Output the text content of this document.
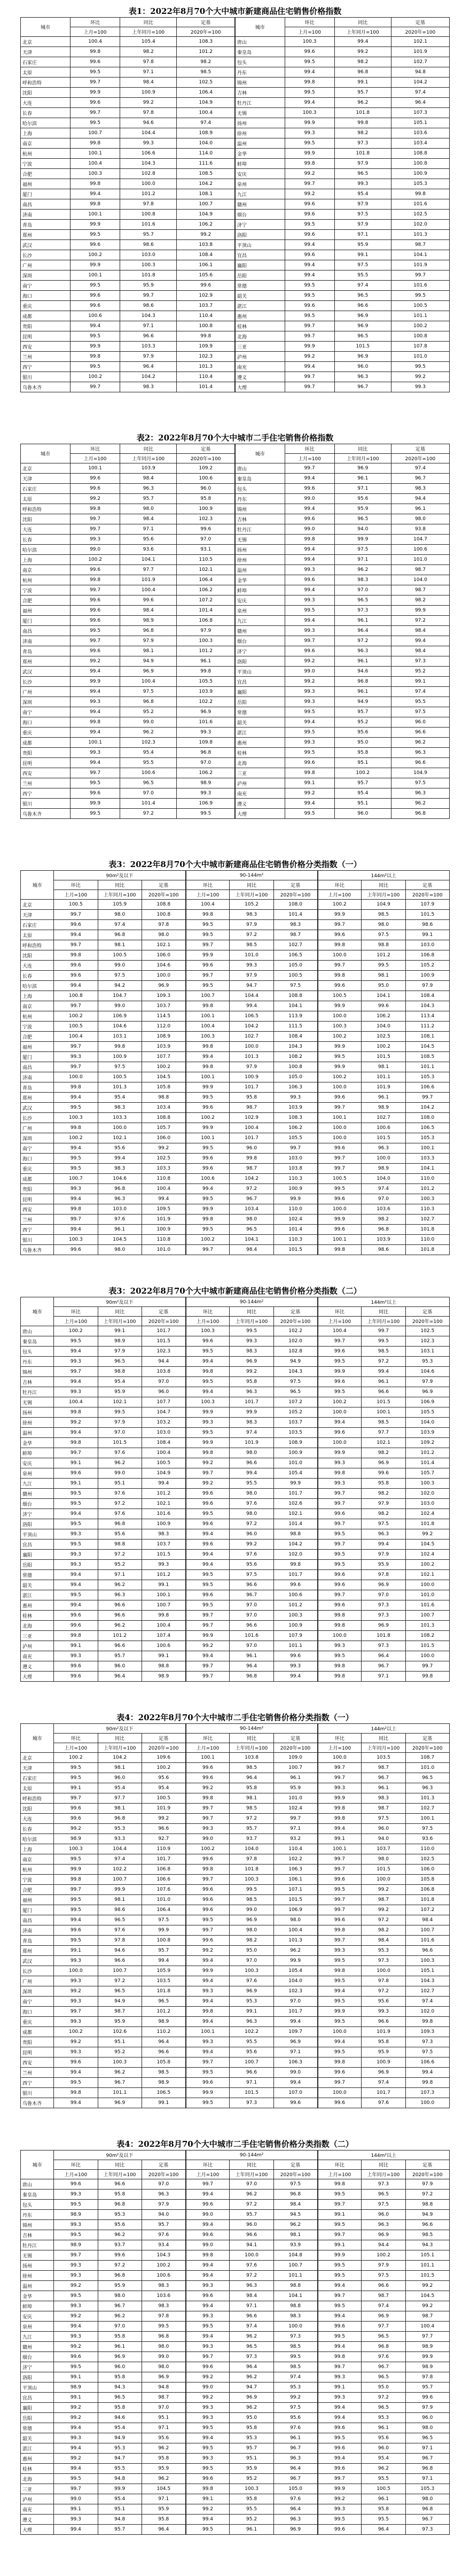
表1：2022年8月70个大中城市新建商品住宅销售价格指数
城市	环比	同比	定基	城市	环比	同比	定基
	上月=100	上年同月=100	2020年=100		上月=100	上年同月=100	2020年=100
北京	100.4	105.4	108.3	唐山	100.3	99.4	102.1
天津	99.8	98.2	101.2	秦皇岛	99.6	99.2	101.9
石家庄	99.6	97.8	98.2	包头	99.5	98.2	102.7
太原	99.5	97.1	98.5	丹东	99.4	96.8	94.8
呼和浩特	99.7	98.4	102.5	锦州	99.8	99.1	104.2
沈阳	99.9	100.9	106.4	吉林	99.5	95.7	97.4
大连	99.6	99.2	104.9	牡丹江	99.4	96.2	96.4
长春	99.7	97.8	100.4	无锡	100.3	101.8	107.3
哈尔滨	99.5	94.6	97.4	扬州	99.9	99.8	105.1
上海	100.7	104.4	108.9	徐州	99.3	98.2	103.6
南京	99.8	99.3	104.0	温州	99.5	97.3	103.4
杭州	100.1	106.6	114.0	金华	99.9	101.8	108.8
宁波	100.4	104.3	111.6	蚌埠	99.8	97.9	100.8
合肥	100.3	102.8	108.5	安庆	99.2	96.5	100.9
福州	99.8	100.0	104.2	泉州	99.7	99.3	105.3
厦门	99.4	101.2	108.1	九江	99.2	95.4	99.8
南昌	99.8	97.8	100.7	赣州	99.6	97.9	101.6
济南	100.1	100.8	104.9	烟台	99.6	97.5	102.5
青岛	99.9	101.6	106.2	济宁	99.5	97.9	102.0
郑州	99.5	95.7	99.2	洛阳	99.6	97.1	101.3
武汉	99.6	98.6	103.8	平顶山	99.4	95.9	98.7
长沙	100.2	103.0	108.4	宜昌	99.6	99.1	104.1
广州	99.9	100.3	106.1	襄阳	99.4	97.5	101.9
深圳	100.1	101.8	105.6	岳阳	99.4	95.5	99.7
南宁	99.5	95.9	99.6	常德	99.5	97.4	101.6
海口	99.6	99.7	102.9	韶关	99.5	96.5	99.5
重庆	99.6	98.6	103.7	湛江	99.6	96.6	100.5
成都	100.6	104.3	110.4	惠州	99.5	96.9	101.1
贵阳	99.4	97.1	100.8	桂林	99.7	96.9	100.2
昆明	99.5	96.6	99.8	北海	99.7	96.5	100.8
西安	99.9	103.3	109.9	三亚	99.9	101.5	107.8
兰州	99.8	97.9	102.3	泸州	99.2	96.9	101.0
西宁	99.5	96.4	101.3	南充	99.4	96.0	99.5
银川	100.2	104.2	110.4	遵义	99.7	96.3	99.2
乌鲁木齐	99.7	98.3	101.4	大理	99.7	96.7	99.3
表2：2022年8月70个大中城市二手住宅销售价格指数
城市	环比	同比	定基	城市	环比	同比	定基
	上月=100	上年同月=100	2020年=100		上月=100	上年同月=100	2020年=100
北京	100.1	103.9	109.2	唐山	99.7	96.9	97.4
天津	99.6	98.4	100.6	秦皇岛	99.4	96.1	96.7
石家庄	99.6	96.3	96.0	包头	99.6	97.1	98.3
太原	99.2	95.7	95.8	丹东	99.0	95.6	94.4
呼和浩特	99.8	98.0	100.9	锦州	99.4	95.9	96.1
沈阳	99.7	98.4	102.3	吉林	99.6	96.5	98.0
大连	99.7	97.1	99.6	牡丹江	99.0	94.0	93.8
长春	99.3	95.6	97.0	无锡	99.8	99.9	104.7
哈尔滨	99.0	93.6	93.1	扬州	99.4	97.5	100.6
上海	100.2	104.1	110.5	徐州	99.4	97.1	101.0
南京	99.6	97.7	102.1	温州	99.3	96.2	98.7
杭州	99.8	101.9	106.4	金华	99.6	98.3	104.0
宁波	99.7	100.4	106.2	蚌埠	99.4	97.0	98.7
合肥	99.6	99.6	107.2	安庆	99.3	96.5	98.2
福州	99.6	98.4	101.4	泉州	99.5	97.3	99.9
厦门	99.6	98.9	106.8	九江	99.4	96.1	97.2
南昌	99.5	96.8	97.9	赣州	99.3	96.4	98.4
济南	99.7	97.9	100.3	烟台	99.7	97.2	99.4
青岛	99.6	98.1	101.2	济宁	99.6	96.3	98.4
郑州	99.2	94.9	96.1	洛阳	99.2	96.1	97.3
武汉	99.4	96.9	99.8	平顶山	99.0	94.6	95.2
长沙	99.9	100.4	105.5	宜昌	99.2	96.8	99.1
广州	99.4	97.5	103.9	襄阳	99.3	96.1	97.4
深圳	99.3	96.8	102.2	岳阳	99.3	94.9	95.5
南宁	99.4	95.2	96.9	常德	99.5	95.7	97.5
海口	99.8	99.0	101.6	韶关	99.4	95.2	96.0
重庆	99.4	96.2	99.3	湛江	99.5	95.6	96.6
成都	100.1	102.3	109.8	惠州	99.3	95.0	96.2
贵阳	99.3	95.4	96.8	桂林	99.5	95.8	96.3
昆明	99.4	95.5	97.0	北海	99.6	95.1	96.6
西安	99.7	100.6	106.2	三亚	99.8	100.2	104.9
兰州	99.5	96.5	98.9	泸州	99.1	95.7	97.5
西宁	99.6	97.0	99.3	南充	99.2	95.4	96.3
银川	99.9	101.4	106.9	遵义	99.4	95.1	96.2
乌鲁木齐	99.5	97.2	99.5	大理	99.5	96.0	96.8
表3：2022年8月70个大中城市新建商品住宅销售价格分类指数（一）
城市	90m²及以下			90-144m²			144m²以上		
	环比	同比	定基	环比	同比	定基	环比	同比	定基
	上月=100	上年同月=100	2020年=100	上月=100	上年同月=100	2020年=100	上月=100	上年同月=100	2020年=100
北京	100.5	105.9	108.8	100.4	105.2	108.0	100.2	104.9	107.9
天津	99.7	98.0	100.8	99.8	98.3	101.4	99.9	98.5	101.5
石家庄	99.6	97.4	97.8	99.5	97.9	98.3	99.7	98.0	98.6
太原	99.4	96.8	98.0	99.5	97.2	98.7	99.6	97.5	99.1
呼和浩特	99.7	98.1	102.1	99.7	98.5	102.7	99.8	98.8	103.0
沈阳	99.8	100.5	106.0	99.9	101.0	106.5	100.0	101.2	106.8
大连	99.6	99.0	104.6	99.6	99.3	105.0	99.7	99.5	105.2
长春	99.6	97.5	100.0	99.7	97.9	100.5	99.8	98.1	100.9
哈尔滨	99.4	94.2	96.9	99.5	94.7	97.5	99.6	95.0	97.9
上海	100.8	104.7	109.3	100.7	104.4	108.8	100.5	104.1	108.4
南京	99.7	99.0	103.7	99.8	99.4	104.1	99.9	99.6	104.3
杭州	100.2	106.9	114.5	100.1	106.5	113.9	100.0	106.2	113.4
宁波	100.5	104.6	112.0	100.4	104.2	111.5	100.3	104.0	111.2
合肥	100.4	103.1	108.9	100.3	102.7	108.4	100.2	102.5	108.1
福州	99.7	99.8	103.9	99.8	100.0	104.3	99.9	100.2	104.5
厦门	99.3	100.9	107.7	99.4	101.3	108.2	99.5	101.5	108.5
南昌	99.7	97.5	100.2	99.8	97.9	100.8	99.9	98.1	101.1
济南	100.0	100.5	104.5	100.1	100.9	105.0	100.2	101.1	105.3
青岛	99.8	101.3	105.8	99.9	101.7	106.3	100.0	101.9	106.6
郑州	99.4	95.4	98.8	99.5	95.8	99.3	99.6	96.1	99.7
武汉	99.5	98.3	103.4	99.6	98.7	103.9	99.7	98.9	104.2
长沙	100.3	103.3	108.8	100.2	102.9	108.3	100.1	102.7	108.0
广州	99.8	100.0	105.7	99.9	100.4	106.2	100.0	100.6	106.5
深圳	100.2	102.1	106.0	100.1	101.7	105.5	100.0	101.5	105.3
南宁	99.4	95.6	99.2	99.5	96.0	99.7	99.6	96.3	100.1
海口	99.5	99.4	102.5	99.6	99.8	103.0	99.7	100.0	103.3
重庆	99.5	98.3	103.3	99.6	98.7	103.8	99.7	98.9	104.1
成都	100.7	104.6	110.8	100.6	104.2	110.3	100.5	104.0	110.0
贵阳	99.3	96.8	100.4	99.4	97.2	100.9	99.5	97.4	101.2
昆明	99.4	96.3	99.4	99.5	96.7	99.9	99.6	97.0	100.3
西安	99.8	103.0	109.5	99.9	103.4	110.0	100.0	103.6	110.3
兰州	99.7	97.6	101.9	99.8	98.0	102.4	99.9	98.2	102.7
西宁	99.4	96.1	100.9	99.5	96.5	101.4	99.6	96.8	101.8
银川	100.3	104.5	110.8	100.2	104.1	110.3	100.1	103.9	110.0
乌鲁木齐	99.6	98.0	101.0	99.7	98.4	101.5	99.8	98.6	101.8
表3：2022年8月70个大中城市新建商品住宅销售价格分类指数（二）
城市	90m²及以下			90-144m²			144m²以上		
	环比	同比	定基	环比	同比	定基	环比	同比	定基
	上月=100	上年同月=100	2020年=100	上月=100	上年同月=100	2020年=100	上月=100	上年同月=100	2020年=100
唐山	100.2	99.1	101.7	100.3	99.5	102.2	100.4	99.7	102.5
秦皇岛	99.5	98.9	101.5	99.6	99.3	102.0	99.7	99.5	102.3
包头	99.4	97.9	102.3	99.5	98.3	102.8	99.6	98.5	103.1
丹东	99.3	96.5	94.4	99.4	96.9	94.9	99.5	97.2	95.3
锦州	99.7	98.8	103.8	99.8	99.2	104.3	99.9	99.4	104.6
吉林	99.4	95.4	97.0	99.5	95.8	97.5	99.6	96.1	97.9
牡丹江	99.3	95.9	96.0	99.4	96.3	96.5	99.5	96.6	96.9
无锡	100.4	102.1	107.7	100.3	101.7	107.2	100.2	101.5	106.9
扬州	99.8	99.5	104.7	99.9	99.9	105.2	100.0	100.1	105.5
徐州	99.2	97.9	103.2	99.3	98.3	103.7	99.4	98.5	104.0
温州	99.4	97.0	103.0	99.5	97.4	103.5	99.6	97.7	103.9
金华	99.8	101.5	108.4	99.9	101.9	108.9	100.0	102.1	109.2
蚌埠	99.7	97.6	100.4	99.8	98.0	100.9	99.9	98.2	101.2
安庆	99.1	96.2	100.5	99.2	96.6	101.0	99.3	96.9	101.4
泉州	99.6	99.0	104.9	99.7	99.4	105.4	99.8	99.6	105.7
九江	99.1	95.1	99.4	99.2	95.5	99.9	99.3	95.8	100.3
赣州	99.5	97.6	101.2	99.6	98.0	101.7	99.7	98.2	102.0
烟台	99.5	97.2	102.1	99.6	97.6	102.6	99.7	97.9	103.0
济宁	99.4	97.6	101.6	99.5	98.0	102.1	99.6	98.2	102.4
洛阳	99.5	96.8	100.9	99.6	97.2	101.4	99.7	97.5	101.8
平顶山	99.3	95.6	98.3	99.4	96.0	98.8	99.5	96.3	99.2
宜昌	99.5	98.8	103.7	99.6	99.2	104.2	99.7	99.4	104.5
襄阳	99.3	97.2	101.5	99.4	97.6	102.0	99.5	97.9	102.4
岳阳	99.3	95.2	99.3	99.4	95.6	99.8	99.5	95.9	100.2
常德	99.4	97.1	101.2	99.5	97.5	101.7	99.6	97.8	102.1
韶关	99.4	96.2	99.1	99.5	96.6	99.6	99.6	96.9	100.0
湛江	99.5	96.3	100.1	99.6	96.7	100.6	99.7	97.0	101.0
惠州	99.4	96.6	100.7	99.5	97.0	101.2	99.6	97.3	101.6
桂林	99.6	96.6	99.8	99.7	97.0	100.3	99.8	97.3	100.7
北海	99.6	96.2	100.4	99.7	96.6	100.9	99.8	96.9	101.3
三亚	99.8	101.2	107.4	99.9	101.6	107.9	100.0	101.8	108.2
泸州	99.1	96.6	100.6	99.2	97.0	101.1	99.3	97.3	101.5
南充	99.3	95.7	99.1	99.4	96.1	99.6	99.5	96.4	100.0
遵义	99.6	96.0	98.8	99.7	96.4	99.3	99.8	96.7	99.7
大理	99.6	96.4	98.9	99.7	96.8	99.4	99.8	97.1	99.8
表4：2022年8月70个大中城市二手住宅销售价格分类指数（一）
城市	90m²及以下			90-144m²			144m²以上		
	环比	同比	定基	环比	同比	定基	环比	同比	定基
	上月=100	上年同月=100	2020年=100	上月=100	上年同月=100	2020年=100	上月=100	上年同月=100	2020年=100
北京	100.2	104.2	109.6	100.1	103.8	109.0	100.0	103.5	108.7
天津	99.5	98.1	100.2	99.6	98.5	100.7	99.7	98.7	101.0
石家庄	99.5	96.0	95.6	99.6	96.4	96.1	99.7	96.7	96.5
太原	99.1	95.4	95.4	99.2	95.8	95.9	99.3	96.1	96.3
呼和浩特	99.7	97.7	100.5	99.8	98.1	101.0	99.9	98.3	101.3
沈阳	99.6	98.1	101.9	99.7	98.5	102.4	99.8	98.7	102.7
大连	99.6	96.8	99.2	99.7	97.2	99.7	99.8	97.5	100.1
长春	99.2	95.3	96.6	99.3	95.7	97.1	99.4	96.0	97.5
哈尔滨	98.9	93.3	92.7	99.0	93.7	93.2	99.1	94.0	93.6
上海	100.3	104.4	110.9	100.2	104.0	110.4	100.1	103.7	110.0
南京	99.5	97.4	101.7	99.6	97.8	102.2	99.7	98.0	102.5
杭州	99.9	102.2	106.8	99.8	101.8	106.3	99.7	101.5	106.0
宁波	99.8	100.7	106.6	99.7	100.3	106.1	99.6	100.0	105.8
合肥	99.7	99.9	107.6	99.6	99.5	107.1	99.5	99.2	106.8
福州	99.5	98.1	101.0	99.6	98.5	101.5	99.7	98.7	101.8
厦门	99.5	98.6	106.4	99.6	99.0	106.9	99.7	99.2	107.2
南昌	99.4	96.5	97.5	99.5	96.9	98.0	99.6	97.2	98.4
济南	99.6	97.6	99.9	99.7	98.0	100.4	99.8	98.2	100.7
青岛	99.5	97.8	100.8	99.6	98.2	101.3	99.7	98.4	101.6
郑州	99.1	94.6	95.7	99.2	95.0	96.2	99.3	95.3	96.6
武汉	99.3	96.6	99.4	99.4	97.0	99.9	99.5	97.3	100.3
长沙	100.0	100.7	105.9	99.9	100.3	105.4	99.8	100.0	105.1
广州	99.3	97.2	103.5	99.4	97.6	104.0	99.5	97.8	104.3
深圳	99.2	96.5	101.8	99.3	96.9	102.3	99.4	97.2	102.7
南宁	99.3	94.9	96.5	99.4	95.3	97.0	99.5	95.6	97.4
海口	99.7	98.7	101.2	99.8	99.1	101.7	99.9	99.3	102.0
重庆	99.3	95.9	98.9	99.4	96.3	99.4	99.5	96.6	99.8
成都	100.2	102.6	110.2	100.1	102.2	109.7	100.0	101.9	109.3
贵阳	99.2	95.1	96.4	99.3	95.5	96.9	99.4	95.8	97.3
昆明	99.3	95.2	96.6	99.4	95.6	97.1	99.5	95.9	97.5
西安	99.6	100.3	105.8	99.7	100.7	106.3	99.8	100.9	106.6
兰州	99.4	96.2	98.5	99.5	96.6	99.0	99.6	96.9	99.4
西宁	99.5	96.7	98.9	99.6	97.1	99.4	99.7	97.4	99.8
银川	99.8	101.1	106.5	99.9	101.5	107.0	100.0	101.7	107.3
乌鲁木齐	99.4	96.9	99.1	99.5	97.3	99.6	99.6	97.6	100.0
表4：2022年8月70个大中城市二手住宅销售价格分类指数（二）
城市	90m²及以下			90-144m²			144m²以上		
	环比	同比	定基	环比	同比	定基	环比	同比	定基
	上月=100	上年同月=100	2020年=100	上月=100	上年同月=100	2020年=100	上月=100	上年同月=100	2020年=100
唐山	99.6	96.6	97.0	99.7	97.0	97.5	99.8	97.3	97.9
秦皇岛	99.3	95.8	96.3	99.4	96.2	96.8	99.5	96.5	97.2
包头	99.5	96.8	97.9	99.6	97.2	98.4	99.7	97.5	98.8
丹东	98.9	95.3	94.0	99.0	95.7	94.5	99.1	96.0	94.9
锦州	99.3	95.6	95.7	99.4	96.0	96.2	99.5	96.3	96.6
吉林	99.5	96.2	97.6	99.6	96.6	98.1	99.7	96.9	98.5
牡丹江	98.9	93.7	93.4	99.0	94.1	93.9	99.1	94.4	94.3
无锡	99.7	99.6	104.3	99.8	100.0	104.8	99.9	100.2	105.1
扬州	99.3	97.2	100.2	99.4	97.6	100.7	99.5	97.9	101.1
徐州	99.3	96.8	100.6	99.4	97.2	101.1	99.5	97.5	101.5
温州	99.2	95.9	98.3	99.3	96.3	98.8	99.4	96.6	99.2
金华	99.5	98.0	103.6	99.6	98.4	104.1	99.7	98.7	104.5
蚌埠	99.3	96.7	98.3	99.4	97.1	98.8	99.5	97.4	99.2
安庆	99.2	96.2	97.8	99.3	96.6	98.3	99.4	96.9	98.7
泉州	99.4	97.0	99.5	99.5	97.4	100.0	99.6	97.7	100.4
九江	99.3	95.8	96.8	99.4	96.2	97.3	99.5	96.5	97.7
赣州	99.2	96.1	98.0	99.3	96.5	98.5	99.4	96.8	98.9
烟台	99.6	96.9	99.0	99.7	97.3	99.5	99.8	97.6	99.9
济宁	99.5	96.0	98.0	99.6	96.4	98.5	99.7	96.7	98.9
洛阳	99.1	95.8	96.9	99.2	96.2	97.4	99.3	96.5	97.8
平顶山	98.9	94.3	94.8	99.0	94.7	95.3	99.1	95.0	95.7
宜昌	99.1	96.5	98.7	99.2	96.9	99.2	99.3	97.2	99.6
襄阳	99.2	95.8	97.0	99.3	96.2	97.5	99.4	96.5	97.9
岳阳	99.2	94.6	95.1	99.3	95.0	95.6	99.4	95.3	96.0
常德	99.4	95.4	97.1	99.5	95.8	97.6	99.6	96.1	98.0
韶关	99.3	94.9	95.6	99.4	95.3	96.1	99.5	95.6	96.5
湛江	99.4	95.3	96.2	99.5	95.7	96.7	99.6	96.0	97.1
惠州	99.2	94.7	95.8	99.3	95.1	96.3	99.4	95.4	96.7
桂林	99.4	95.5	95.9	99.5	95.9	96.4	99.6	96.2	96.8
北海	99.5	94.8	96.2	99.6	95.2	96.7	99.7	95.5	97.1
三亚	99.7	99.9	104.5	99.8	100.3	105.0	99.9	100.5	105.3
泸州	99.0	95.4	97.1	99.1	95.8	97.6	99.2	96.1	98.0
南充	99.1	95.1	95.9	99.2	95.5	96.4	99.3	95.8	96.8
遵义	99.3	94.8	95.8	99.4	95.2	96.3	99.5	95.5	96.7
大理	99.4	95.7	96.4	99.5	96.1	96.9	99.6	96.4	97.3
